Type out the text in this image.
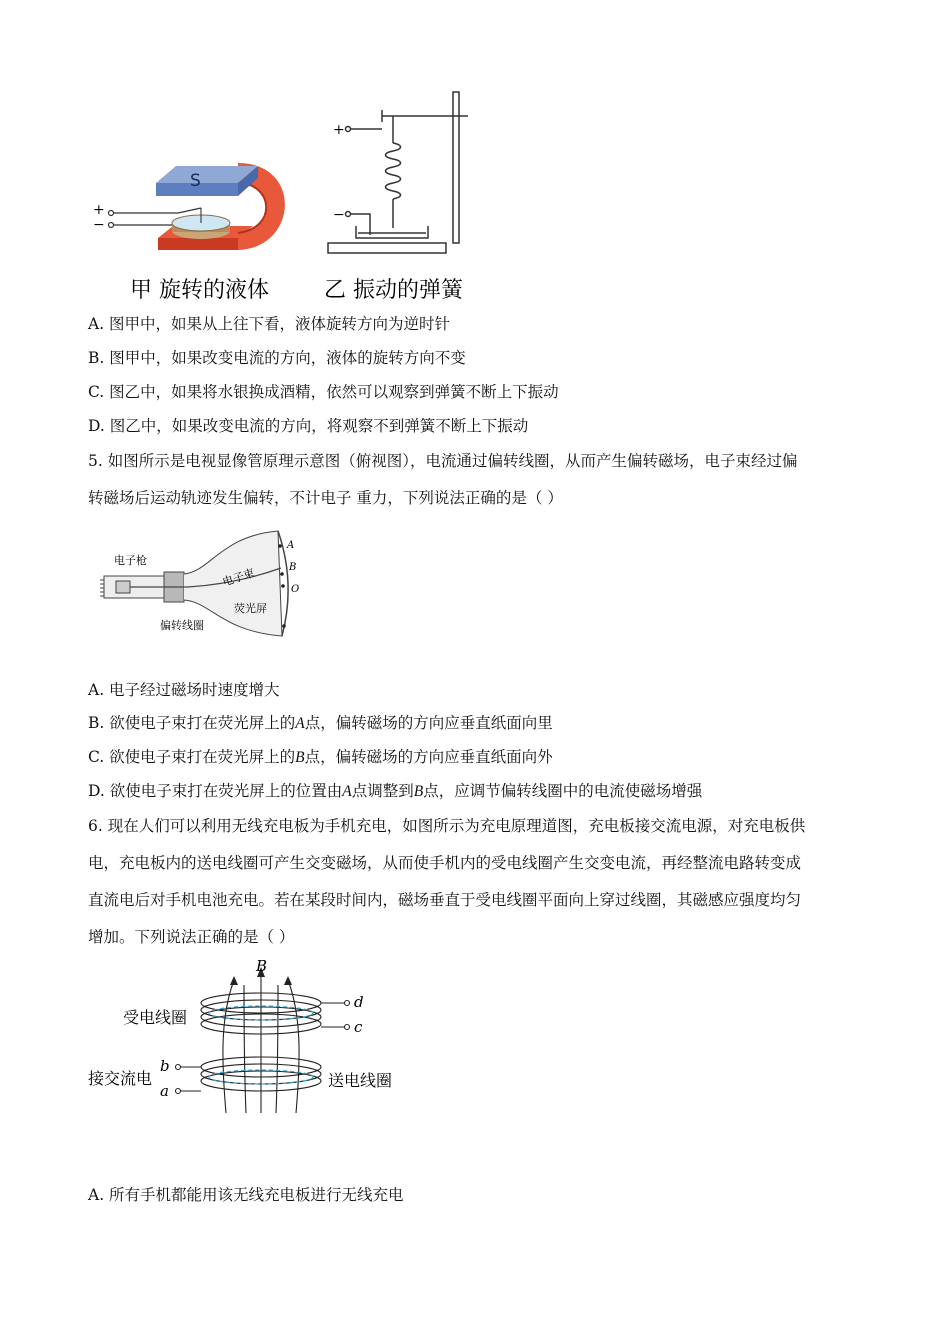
S
+
−
+
−
甲 旋转的液体	乙 振动的弹簧
A. 图甲中，如果从上往下看，液体旋转方向为逆时针
B. 图甲中，如果改变电流的方向，液体的旋转方向不变
C. 图乙中，如果将水银换成酒精，依然可以观察到弹簧不断上下振动
D. 图乙中，如果改变电流的方向，将观察不到弹簧不断上下振动
5. 如图所示是电视显像管原理示意图（俯视图），电流通过偏转线圈，从而产生偏转磁场，电子束经过偏
转磁场后运动轨迹发生偏转，不计电子 重力，下列说法正确的是（ ）
电子枪
偏转线圈
电子束
荧光屏
A
B
O
A. 电子经过磁场时速度增大
B. 欲使电子束打在荧光屏上的A点，偏转磁场的方向应垂直纸面向里
C. 欲使电子束打在荧光屏上的B点，偏转磁场的方向应垂直纸面向外
D. 欲使电子束打在荧光屏上的位置由A点调整到B点，应调节偏转线圈中的电流使磁场增强
6. 现在人们可以利用无线充电板为手机充电，如图所示为充电原理道图，充电板接交流电源，对充电板供
电，充电板内的送电线圈可产生交变磁场，从而使手机内的受电线圈产生交变电流，再经整流电路转变成
直流电后对手机电池充电。若在某段时间内，磁场垂直于受电线圈平面向上穿过线圈，其磁感应强度均匀
增加。下列说法正确的是（ ）
B
受电线圈
送电线圈
接交流电
b
a
d
c
A. 所有手机都能用该无线充电板进行无线充电
